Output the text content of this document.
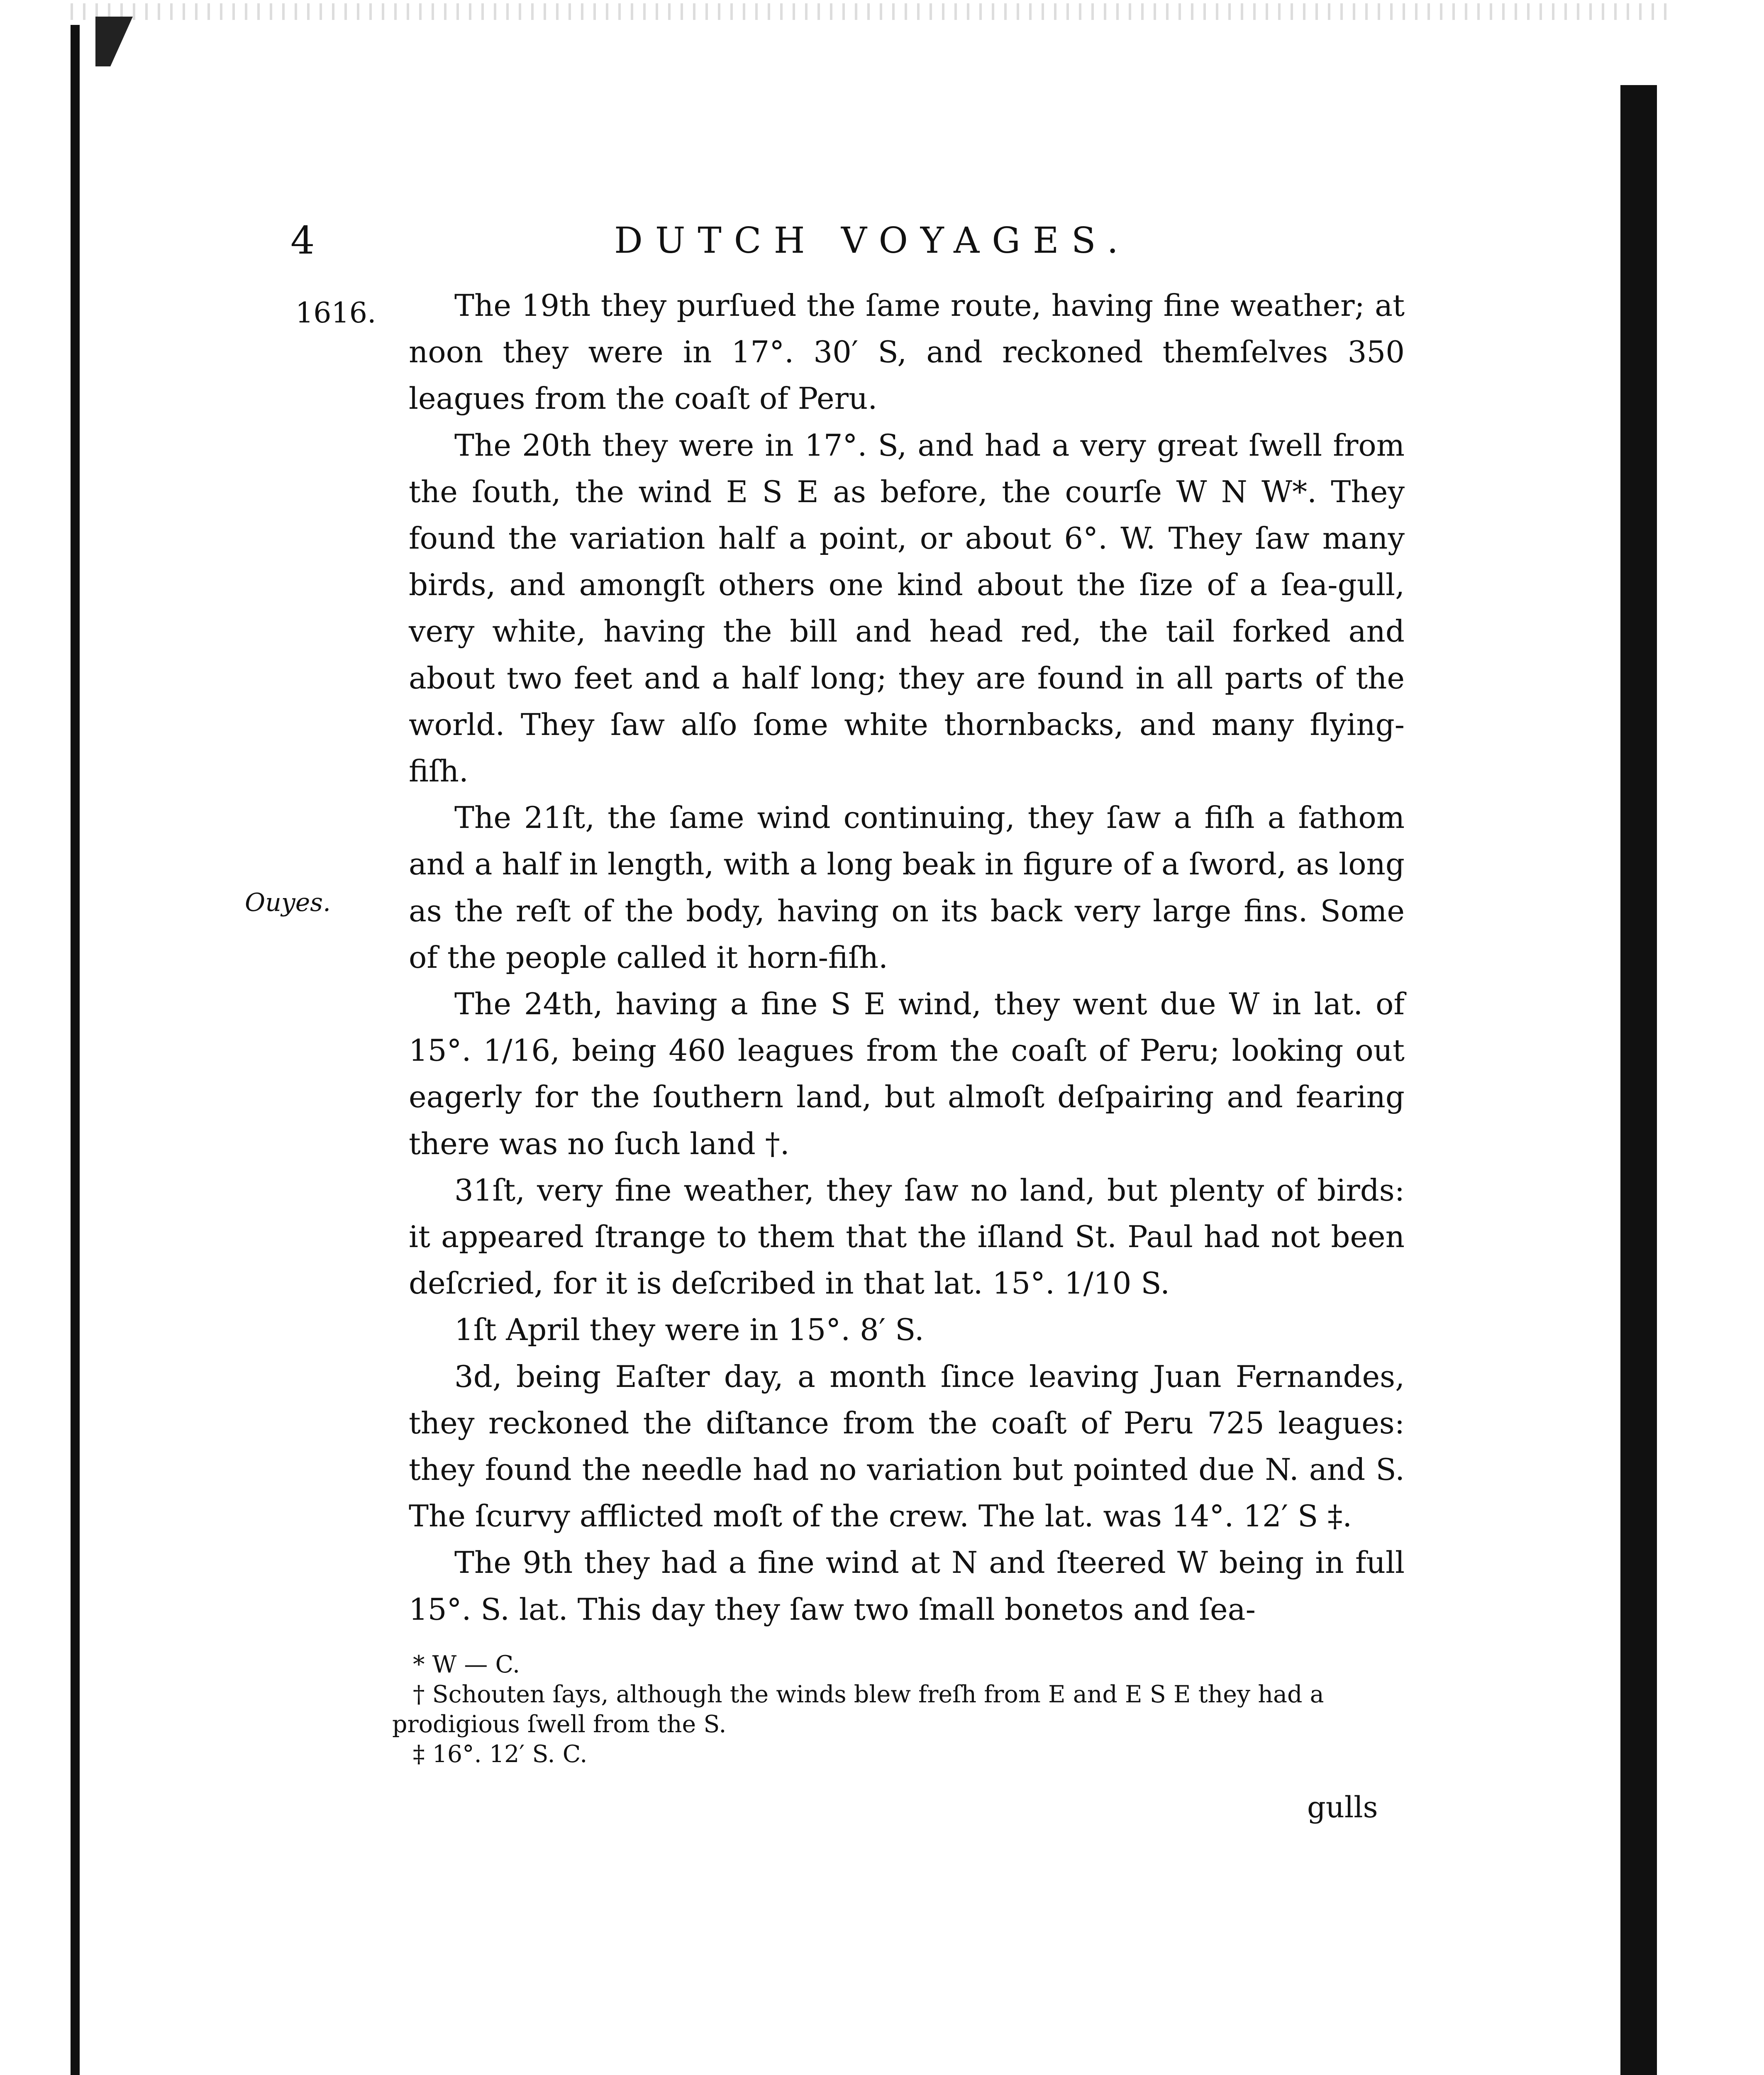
4	DUTCH VOYAGES.
1616.
Ouyes.

The 19th they purſued the ſame route, having fine weather; at noon they were in 17°. 30′ S, and reckoned themſelves 350 leagues from the coaſt of Peru.

The 20th they were in 17°. S, and had a very great ſwell from the ſouth, the wind E S E as before, the courſe W N W*. They found the variation half a point, or about 6°. W. They ſaw many birds, and amongſt others one kind about the ſize of a ſea-gull, very white, having the bill and head red, the tail forked and about two feet and a half long; they are found in all parts of the world. They ſaw alſo ſome white thornbacks, and many flying-fiſh.

The 21ſt, the ſame wind continuing, they ſaw a fiſh a fathom and a half in length, with a long beak in figure of a ſword, as long as the reſt of the body, having on its back very large fins. Some of the people called it horn-fiſh.

The 24th, having a fine S E wind, they went due W in lat. of 15°. 1/16, being 460 leagues from the coaſt of Peru; looking out eagerly for the ſouthern land, but almoſt deſpairing and fearing there was no ſuch land †.

31ſt, very fine weather, they ſaw no land, but plenty of birds: it appeared ſtrange to them that the iſland St. Paul had not been deſcried, for it is deſcribed in that lat. 15°. 1/10 S.

1ſt April they were in 15°. 8′ S.

3d, being Eaſter day, a month ſince leaving Juan Fernandes, they reckoned the diſtance from the coaſt of Peru 725 leagues: they found the needle had no variation but pointed due N. and S. The ſcurvy afflicted moſt of the crew. The lat. was 14°. 12′ S ‡.

The 9th they had a fine wind at N and ſteered W being in full 15°. S. lat. This day they ſaw two ſmall bonetos and ſea-

* W — C.

† Schouten ſays, although the winds blew freſh from E and E S E they had a prodigious ſwell from the S.

‡ 16°. 12′ S. C.

gulls
